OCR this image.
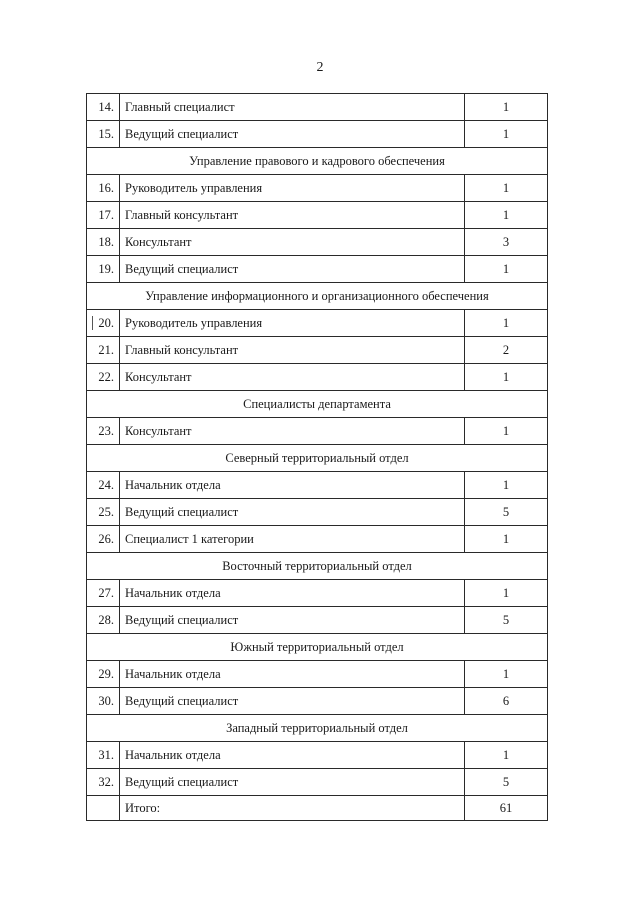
2
14.	Главный специалист	1
15.	Ведущий специалист	1
Управление правового и кадрового обеспечения		
16.	Руководитель управления	1
17.	Главный консультант	1
18.	Консультант	3
19.	Ведущий специалист	1
Управление информационного и организационного обеспечения		
20.	Руководитель управления	1
21.	Главный консультант	2
22.	Консультант	1
Специалисты департамента		
23.	Консультант	1
Северный территориальный отдел		
24.	Начальник отдела	1
25.	Ведущий специалист	5
26.	Специалист 1 категории	1
Восточный территориальный отдел		
27.	Начальник отдела	1
28.	Ведущий специалист	5
Южный территориальный отдел		
29.	Начальник отдела	1
30.	Ведущий специалист	6
Западный территориальный отдел		
31.	Начальник отдела	1
32.	Ведущий специалист	5
	Итого:	61
